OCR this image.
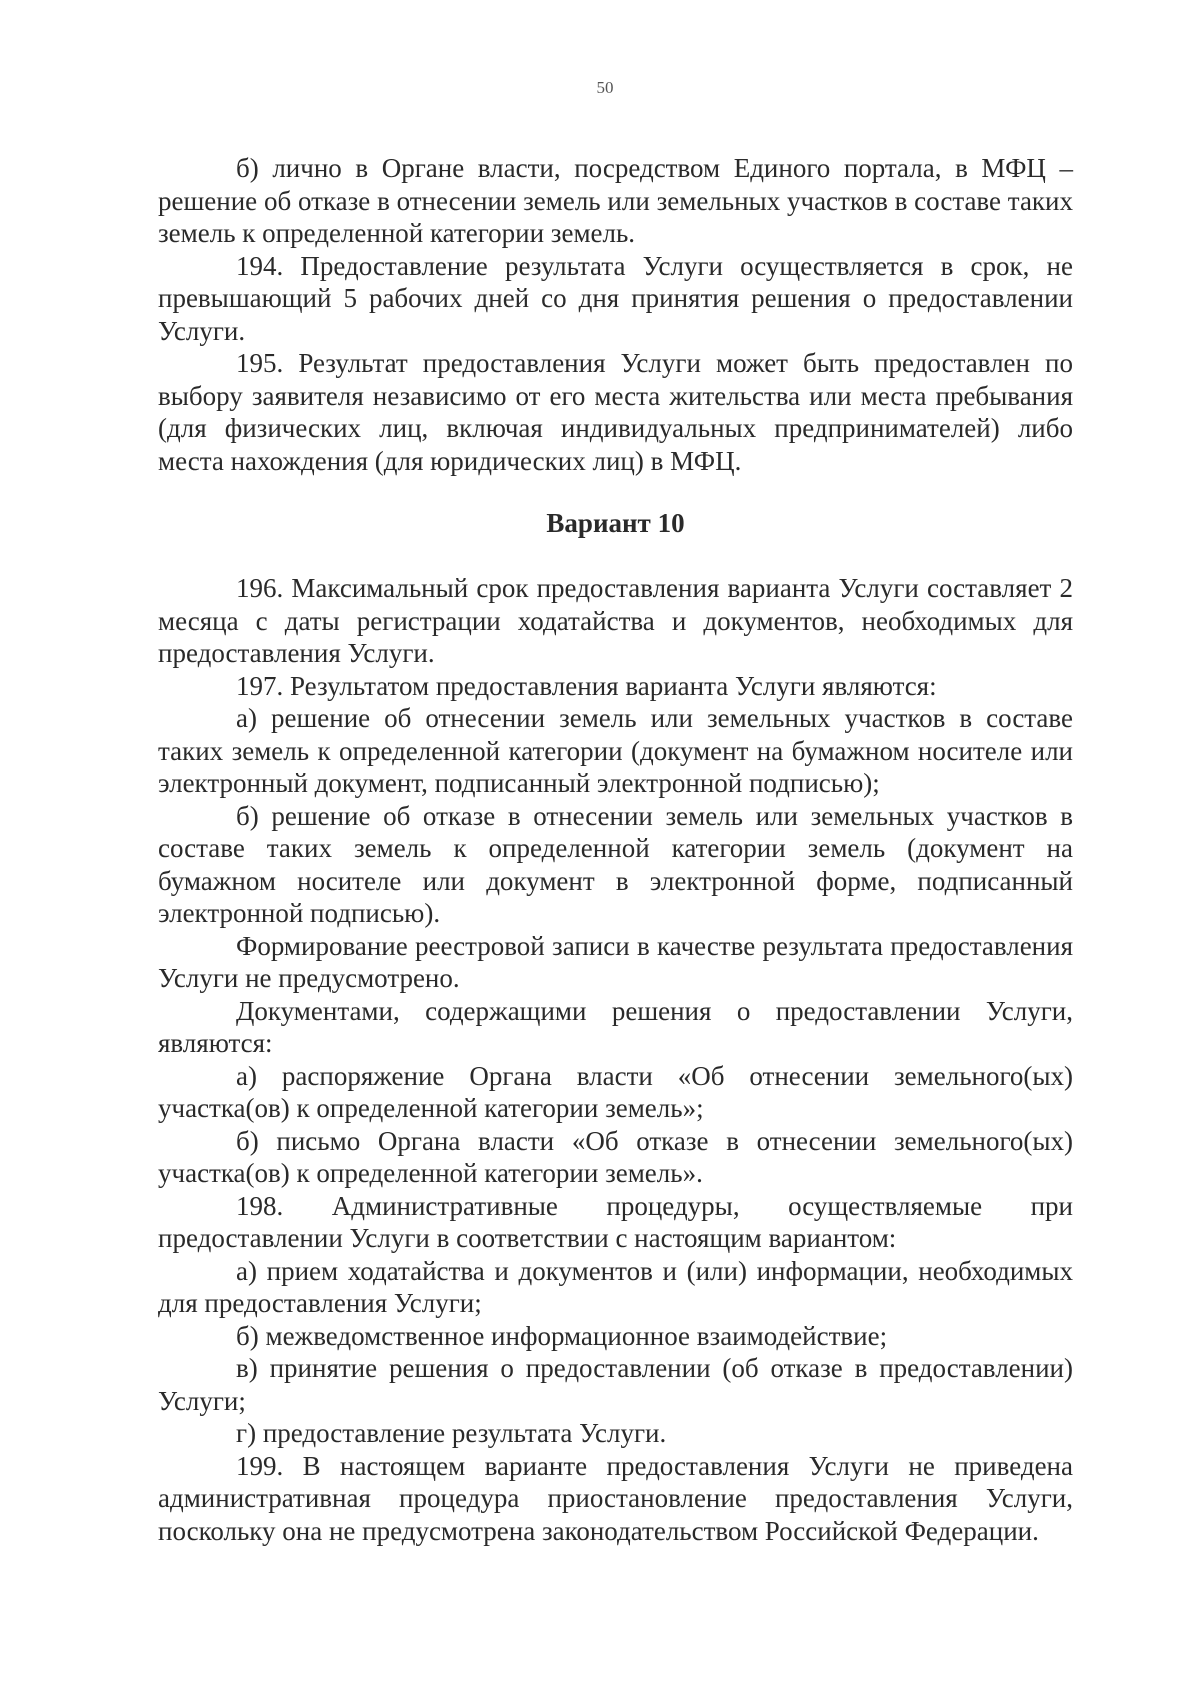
50

б) лично в Органе власти, посредством Единого портала, в МФЦ – решение об отказе в отнесении земель или земельных участков в составе таких земель к определенной категории земель.

194. Предоставление результата Услуги осуществляется в срок, не превышающий 5 рабочих дней со дня принятия решения о предоставлении Услуги.

195. Результат предоставления Услуги может быть предоставлен по выбору заявителя независимо от его места жительства или места пребывания (для физических лиц, включая индивидуальных предпринимателей) либо места нахождения (для юридических лиц) в МФЦ.

Вариант 10

196. Максимальный срок предоставления варианта Услуги составляет 2 месяца с даты регистрации ходатайства и документов, необходимых для предоставления Услуги.

197. Результатом предоставления варианта Услуги являются:

а) решение об отнесении земель или земельных участков в составе таких земель к определенной категории (документ на бумажном носителе или электронный документ, подписанный электронной подписью);

б) решение об отказе в отнесении земель или земельных участков в составе таких земель к определенной категории земель (документ на бумажном носителе или документ в электронной форме, подписанный электронной подписью).

Формирование реестровой записи в качестве результата предоставления Услуги не предусмотрено.

Документами, содержащими решения о предоставлении Услуги, являются:

а) распоряжение Органа власти «Об отнесении земельного(ых) участка(ов) к определенной категории земель»;

б) письмо Органа власти «Об отказе в отнесении земельного(ых) участка(ов) к определенной категории земель».

198. Административные процедуры, осуществляемые при предоставлении Услуги в соответствии с настоящим вариантом:

а) прием ходатайства и документов и (или) информации, необходимых для предоставления Услуги;

б) межведомственное информационное взаимодействие;

в) принятие решения о предоставлении (об отказе в предоставлении) Услуги;

г) предоставление результата Услуги.

199. В настоящем варианте предоставления Услуги не приведена административная процедура приостановление предоставления Услуги, поскольку она не предусмотрена законодательством Российской Федерации.
